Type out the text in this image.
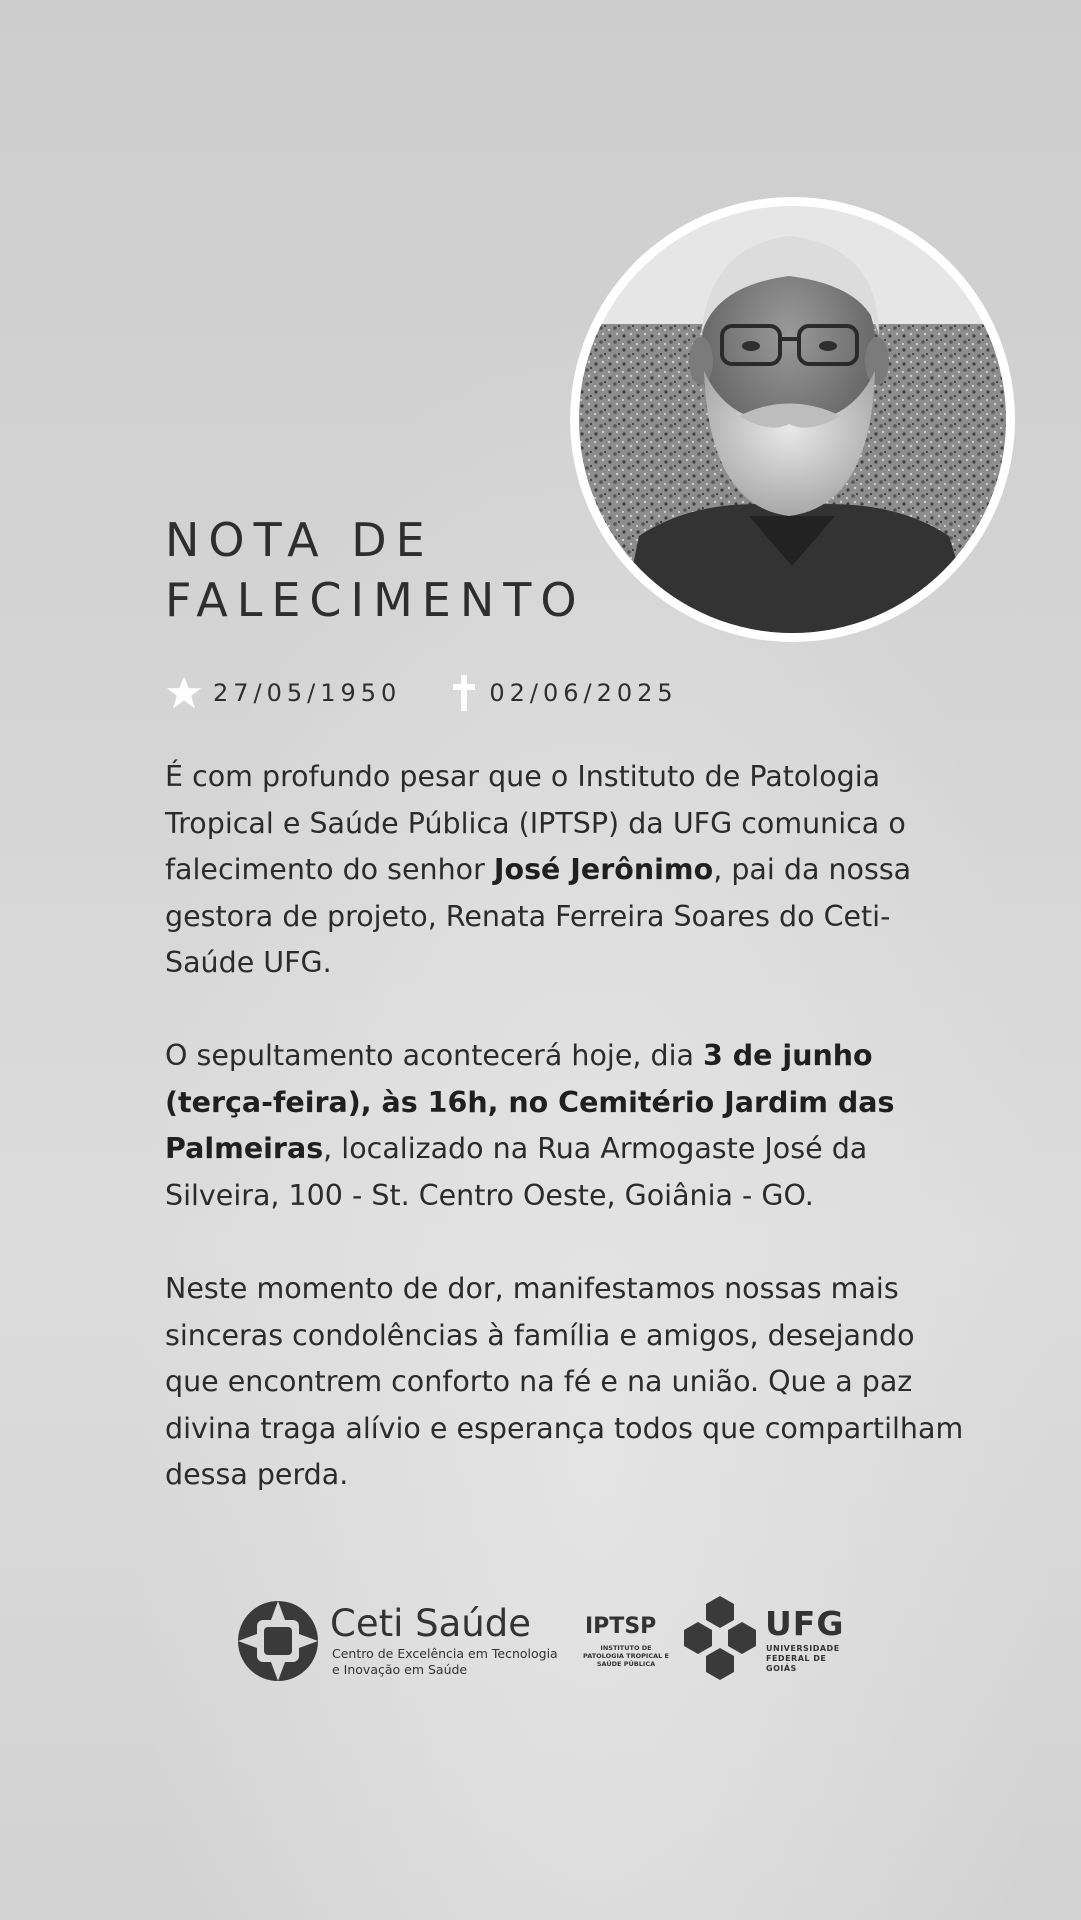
NOTA DE
FALECIMENTO
27/05/1950	02/06/2025

É com profundo pesar que o Instituto de Patologia Tropical e Saúde Pública (IPTSP) da UFG comunica o falecimento do senhor José Jerônimo, pai da nossa gestora de projeto, Renata Ferreira Soares do Ceti-Saúde UFG.

O sepultamento acontecerá hoje, dia 3 de junho (terça-feira), às 16h, no Cemitério Jardim das Palmeiras, localizado na Rua Armogaste José da Silveira, 100 - St. Centro Oeste, Goiânia - GO.

Neste momento de dor, manifestamos nossas mais sinceras condolências à família e amigos, desejando que encontrem conforto na fé e na união. Que a paz divina traga alívio e esperança todos que compartilham dessa perda.

Ceti Saúde
Centro de Excelência em Tecnologia
e Inovação em Saúde
IPTSP
INSTITUTO DE
PATOLOGIA TROPICAL E
SAÚDE PÚBLICA
UFG
UNIVERSIDADE
FEDERAL DE GOIÁS
